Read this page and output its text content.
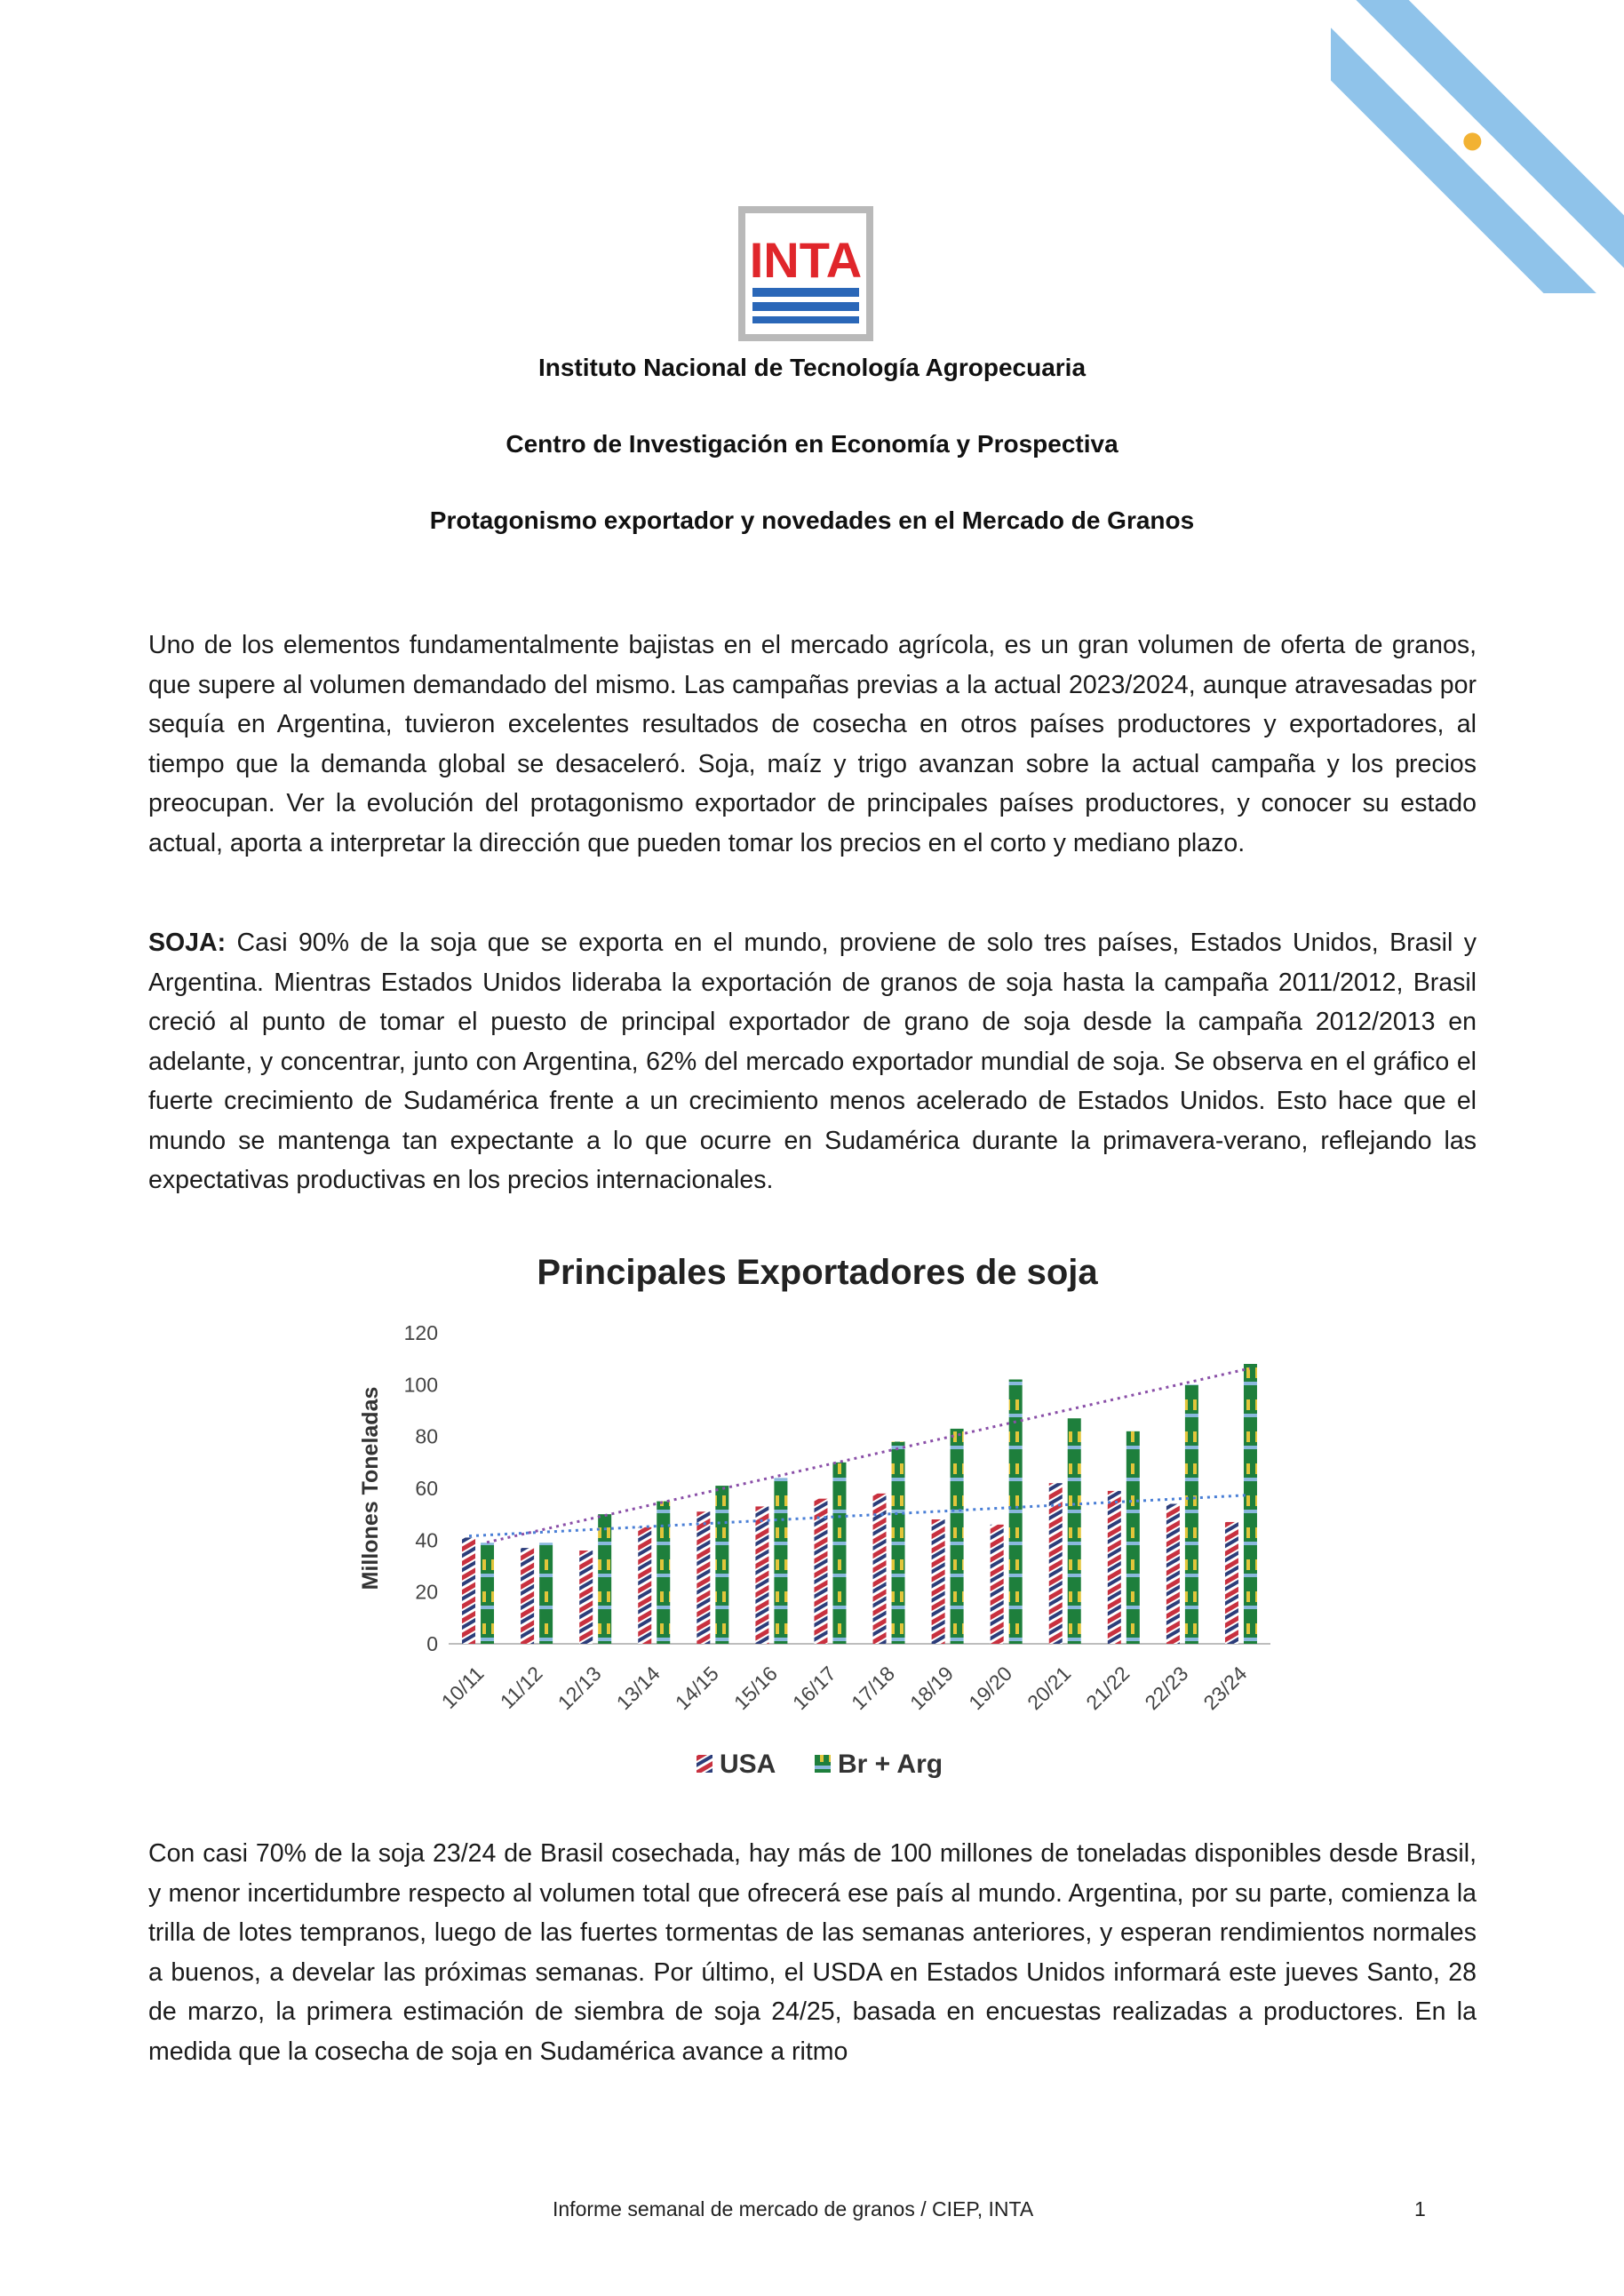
INTA
Instituto Nacional de Tecnología Agropecuaria
Centro de Investigación en Economía y Prospectiva
Protagonismo exportador y novedades en el Mercado de Granos
Uno de los elementos fundamentalmente bajistas en el mercado agrícola, es un gran volumen de oferta de granos, que supere al volumen demandado del mismo. Las campañas previas a la actual 2023/2024, aunque atravesadas por sequía en Argentina, tuvieron excelentes resultados de cosecha en otros países productores y exportadores, al tiempo que la demanda global se desaceleró. Soja, maíz y trigo avanzan sobre la actual campaña y los precios preocupan. Ver la evolución del protagonismo exportador de principales países productores, y conocer su estado actual, aporta a interpretar la dirección que pueden tomar los precios en el corto y mediano plazo.
SOJA: Casi 90% de la soja que se exporta en el mundo, proviene de solo tres países, Estados Unidos, Brasil y Argentina. Mientras Estados Unidos lideraba la exportación de granos de soja hasta la campaña 2011/2012, Brasil creció al punto de tomar el puesto de principal exportador de grano de soja desde la campaña 2012/2013 en adelante, y concentrar, junto con Argentina, 62% del mercado exportador mundial de soja. Se observa en el gráfico el fuerte crecimiento de Sudamérica frente a un crecimiento menos acelerado de Estados Unidos. Esto hace que el mundo se mantenga tan expectante a lo que ocurre en Sudamérica durante la primavera-verano, reflejando las expectativas productivas en los precios internacionales.
Principales Exportadores de soja
Millones Toneladas
0
20
40
60
80
100
120
10/11 11/12 12/13 13/14 14/15 15/16 16/17 17/18 18/19 19/20 20/21 21/22 22/23 23/24
USA Br + Arg
Con casi 70% de la soja 23/24 de Brasil cosechada, hay más de 100 millones de toneladas disponibles desde Brasil, y menor incertidumbre respecto al volumen total que ofrecerá ese país al mundo. Argentina, por su parte, comienza la trilla de lotes tempranos, luego de las fuertes tormentas de las semanas anteriores, y esperan rendimientos normales a buenos, a develar las próximas semanas. Por último, el USDA en Estados Unidos informará este jueves Santo, 28 de marzo, la primera estimación de siembra de soja 24/25, basada en encuestas realizadas a productores. En la medida que la cosecha de soja en Sudamérica avance a ritmo
Informe semanal de mercado de granos / CIEP, INTA	1
